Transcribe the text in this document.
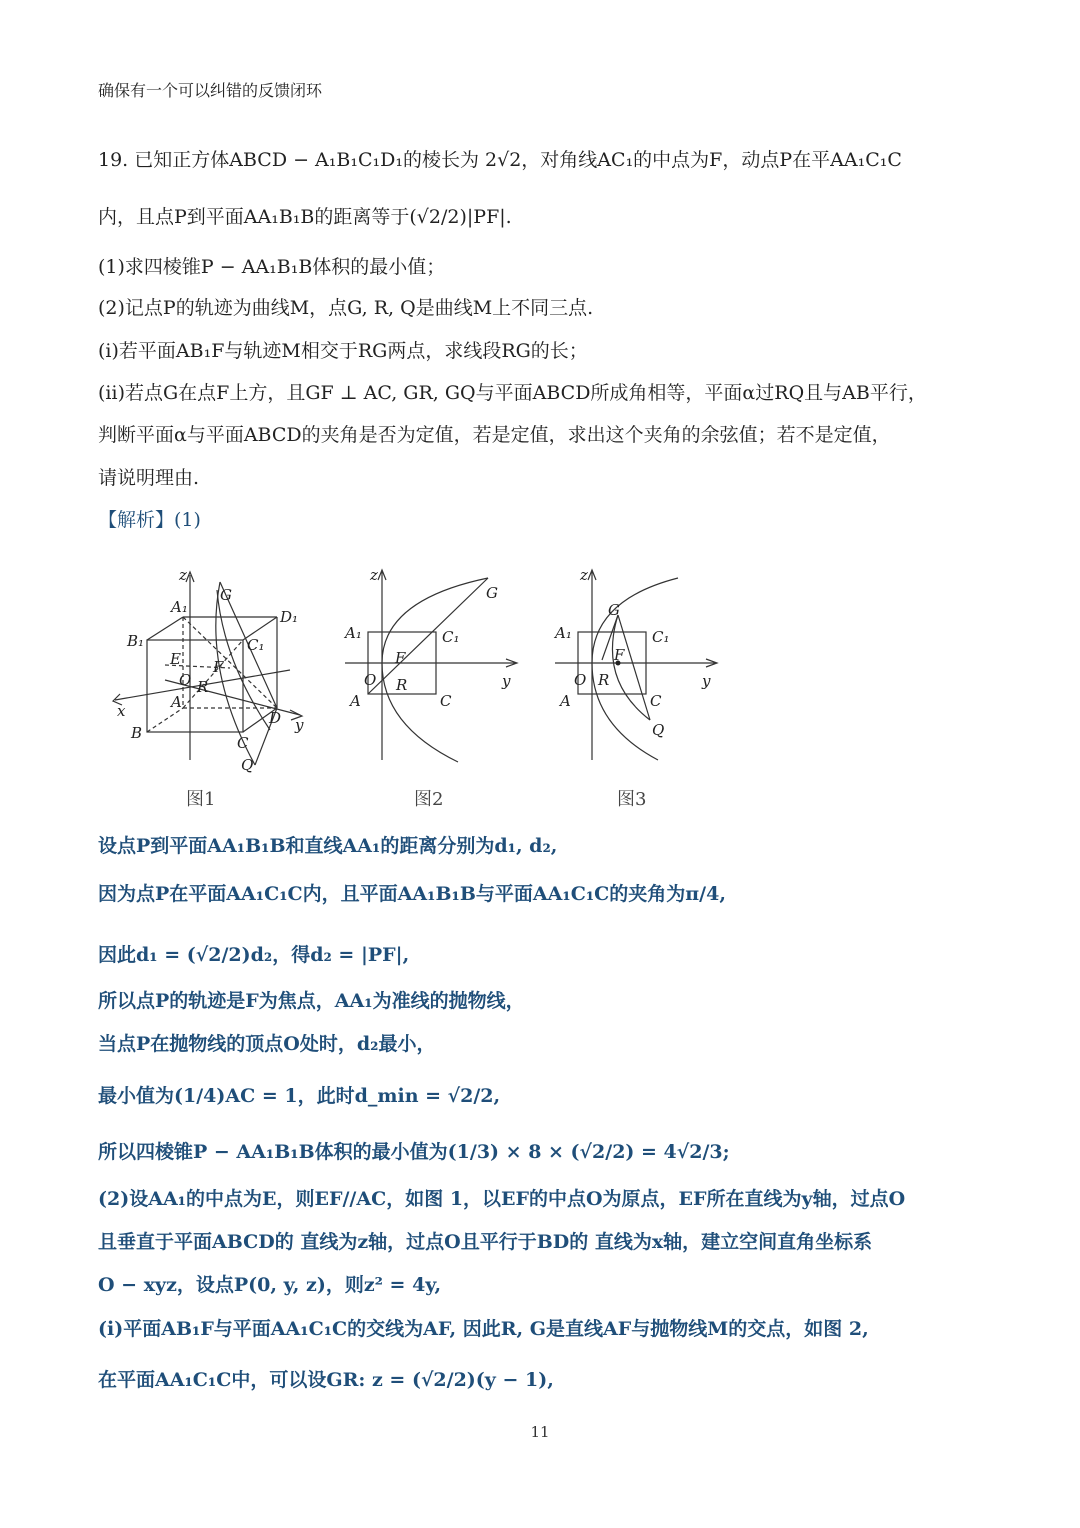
确保有一个可以纠错的反馈闭环
19. 已知正方体ABCD − A₁B₁C₁D₁的棱长为 2√2，对角线AC₁的中点为F，动点P在平AA₁C₁C
内，且点P到平面AA₁B₁B的距离等于(√2/2)|PF|.
(1)求四棱锥P − AA₁B₁B体积的最小值；
(2)记点P的轨迹为曲线M，点G, R, Q是曲线M上不同三点.
(ⅰ)若平面AB₁F与轨迹M相交于RG两点，求线段RG的长；
(ⅱ)若点G在点F上方，且GF ⊥ AC, GR, GQ与平面ABCD所成角相等，平面α过RQ且与AB平行，
判断平面α与平面ABCD的夹角是否为定值，若是定值，求出这个夹角的余弦值；若不是定值，
请说明理由.
【解析】(1)
z
A₁
G
D₁
B₁	C₁
E F
O R
x	A
D y
B
C
Q
z
G
A₁	C₁
F
O R	y
A	C
z
G
A₁	C₁
F
O R	y
A	C
Q
图1	图2	图3
设点P到平面AA₁B₁B和直线AA₁的距离分别为d₁, d₂,
因为点P在平面AA₁C₁C内，且平面AA₁B₁B与平面AA₁C₁C的夹角为π/4,
因此d₁ = (√2/2)d₂，得d₂ = |PF|,
所以点P的轨迹是F为焦点，AA₁为准线的抛物线，
当点P在抛物线的顶点O处时，d₂最小，
最小值为(1/4)AC = 1，此时d_min = √2/2,
所以四棱锥P − AA₁B₁B体积的最小值为(1/3) × 8 × (√2/2) = 4√2/3;
(2)设AA₁的中点为E，则EF//AC，如图 1，以EF的中点O为原点，EF所在直线为y轴，过点O
且垂直于平面ABCD的 直线为z轴，过点O且平行于BD的 直线为x轴，建立空间直角坐标系
O − xyz，设点P(0, y, z)，则z² = 4y,
(ⅰ)平面AB₁F与平面AA₁C₁C的交线为AF, 因此R, G是直线AF与抛物线M的交点，如图 2,
在平面AA₁C₁C中，可以设GR: z = (√2/2)(y − 1),
11
